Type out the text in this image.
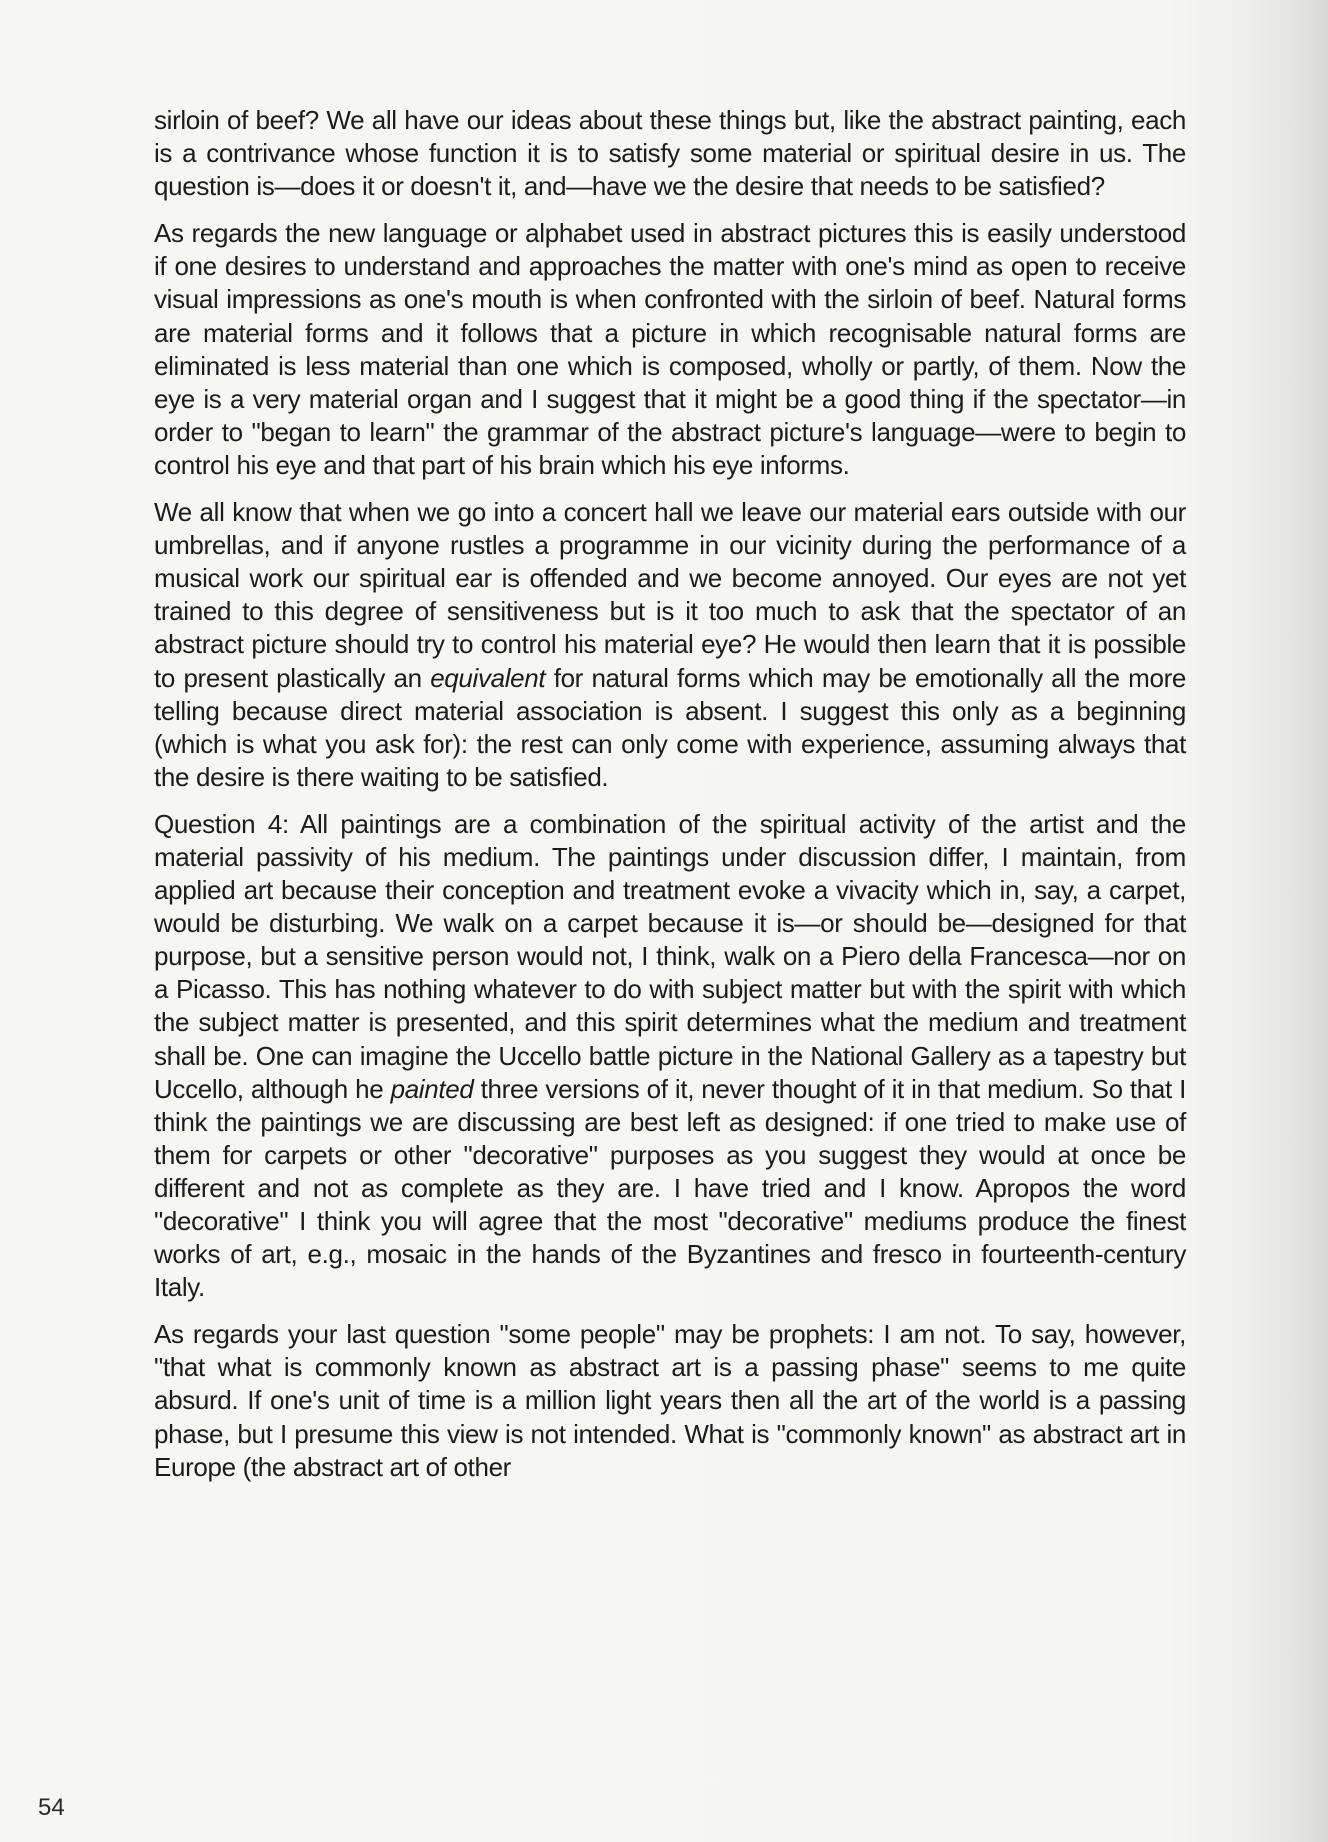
sirloin of beef? We all have our ideas about these things but, like the abstract painting, each is a contrivance whose function it is to satisfy some material or spiritual desire in us. The question is—does it or doesn't it, and—have we the desire that needs to be satisfied?

As regards the new language or alphabet used in abstract pictures this is easily understood if one desires to understand and approaches the matter with one's mind as open to receive visual impressions as one's mouth is when confronted with the sirloin of beef. Natural forms are material forms and it follows that a picture in which recognisable natural forms are eliminated is less material than one which is composed, wholly or partly, of them. Now the eye is a very material organ and I suggest that it might be a good thing if the spectator—in order to "began to learn" the grammar of the abstract picture's language—were to begin to control his eye and that part of his brain which his eye informs.

We all know that when we go into a concert hall we leave our material ears outside with our umbrellas, and if anyone rustles a programme in our vicinity during the performance of a musical work our spiritual ear is offended and we become annoyed. Our eyes are not yet trained to this degree of sensitiveness but is it too much to ask that the spectator of an abstract picture should try to control his material eye? He would then learn that it is possible to present plastically an equivalent for natural forms which may be emotionally all the more telling because direct material association is absent. I suggest this only as a beginning (which is what you ask for): the rest can only come with experience, assuming always that the desire is there waiting to be satisfied.

Question 4: All paintings are a combination of the spiritual activity of the artist and the material passivity of his medium. The paintings under discussion differ, I maintain, from applied art because their conception and treatment evoke a vivacity which in, say, a carpet, would be disturbing. We walk on a carpet because it is—or should be—designed for that purpose, but a sensitive person would not, I think, walk on a Piero della Francesca—nor on a Picasso. This has nothing whatever to do with subject matter but with the spirit with which the subject matter is presented, and this spirit determines what the medium and treatment shall be. One can imagine the Uccello battle picture in the National Gallery as a tapestry but Uccello, although he painted three versions of it, never thought of it in that medium. So that I think the paintings we are discussing are best left as designed: if one tried to make use of them for carpets or other "decorative" purposes as you suggest they would at once be different and not as complete as they are. I have tried and I know. Apropos the word "decorative" I think you will agree that the most "decorative" mediums produce the finest works of art, e.g., mosaic in the hands of the Byzantines and fresco in fourteenth-century Italy.

As regards your last question "some people" may be prophets: I am not. To say, however, "that what is commonly known as abstract art is a passing phase" seems to me quite absurd. If one's unit of time is a million light years then all the art of the world is a passing phase, but I presume this view is not intended. What is "commonly known" as abstract art in Europe (the abstract art of other

54
